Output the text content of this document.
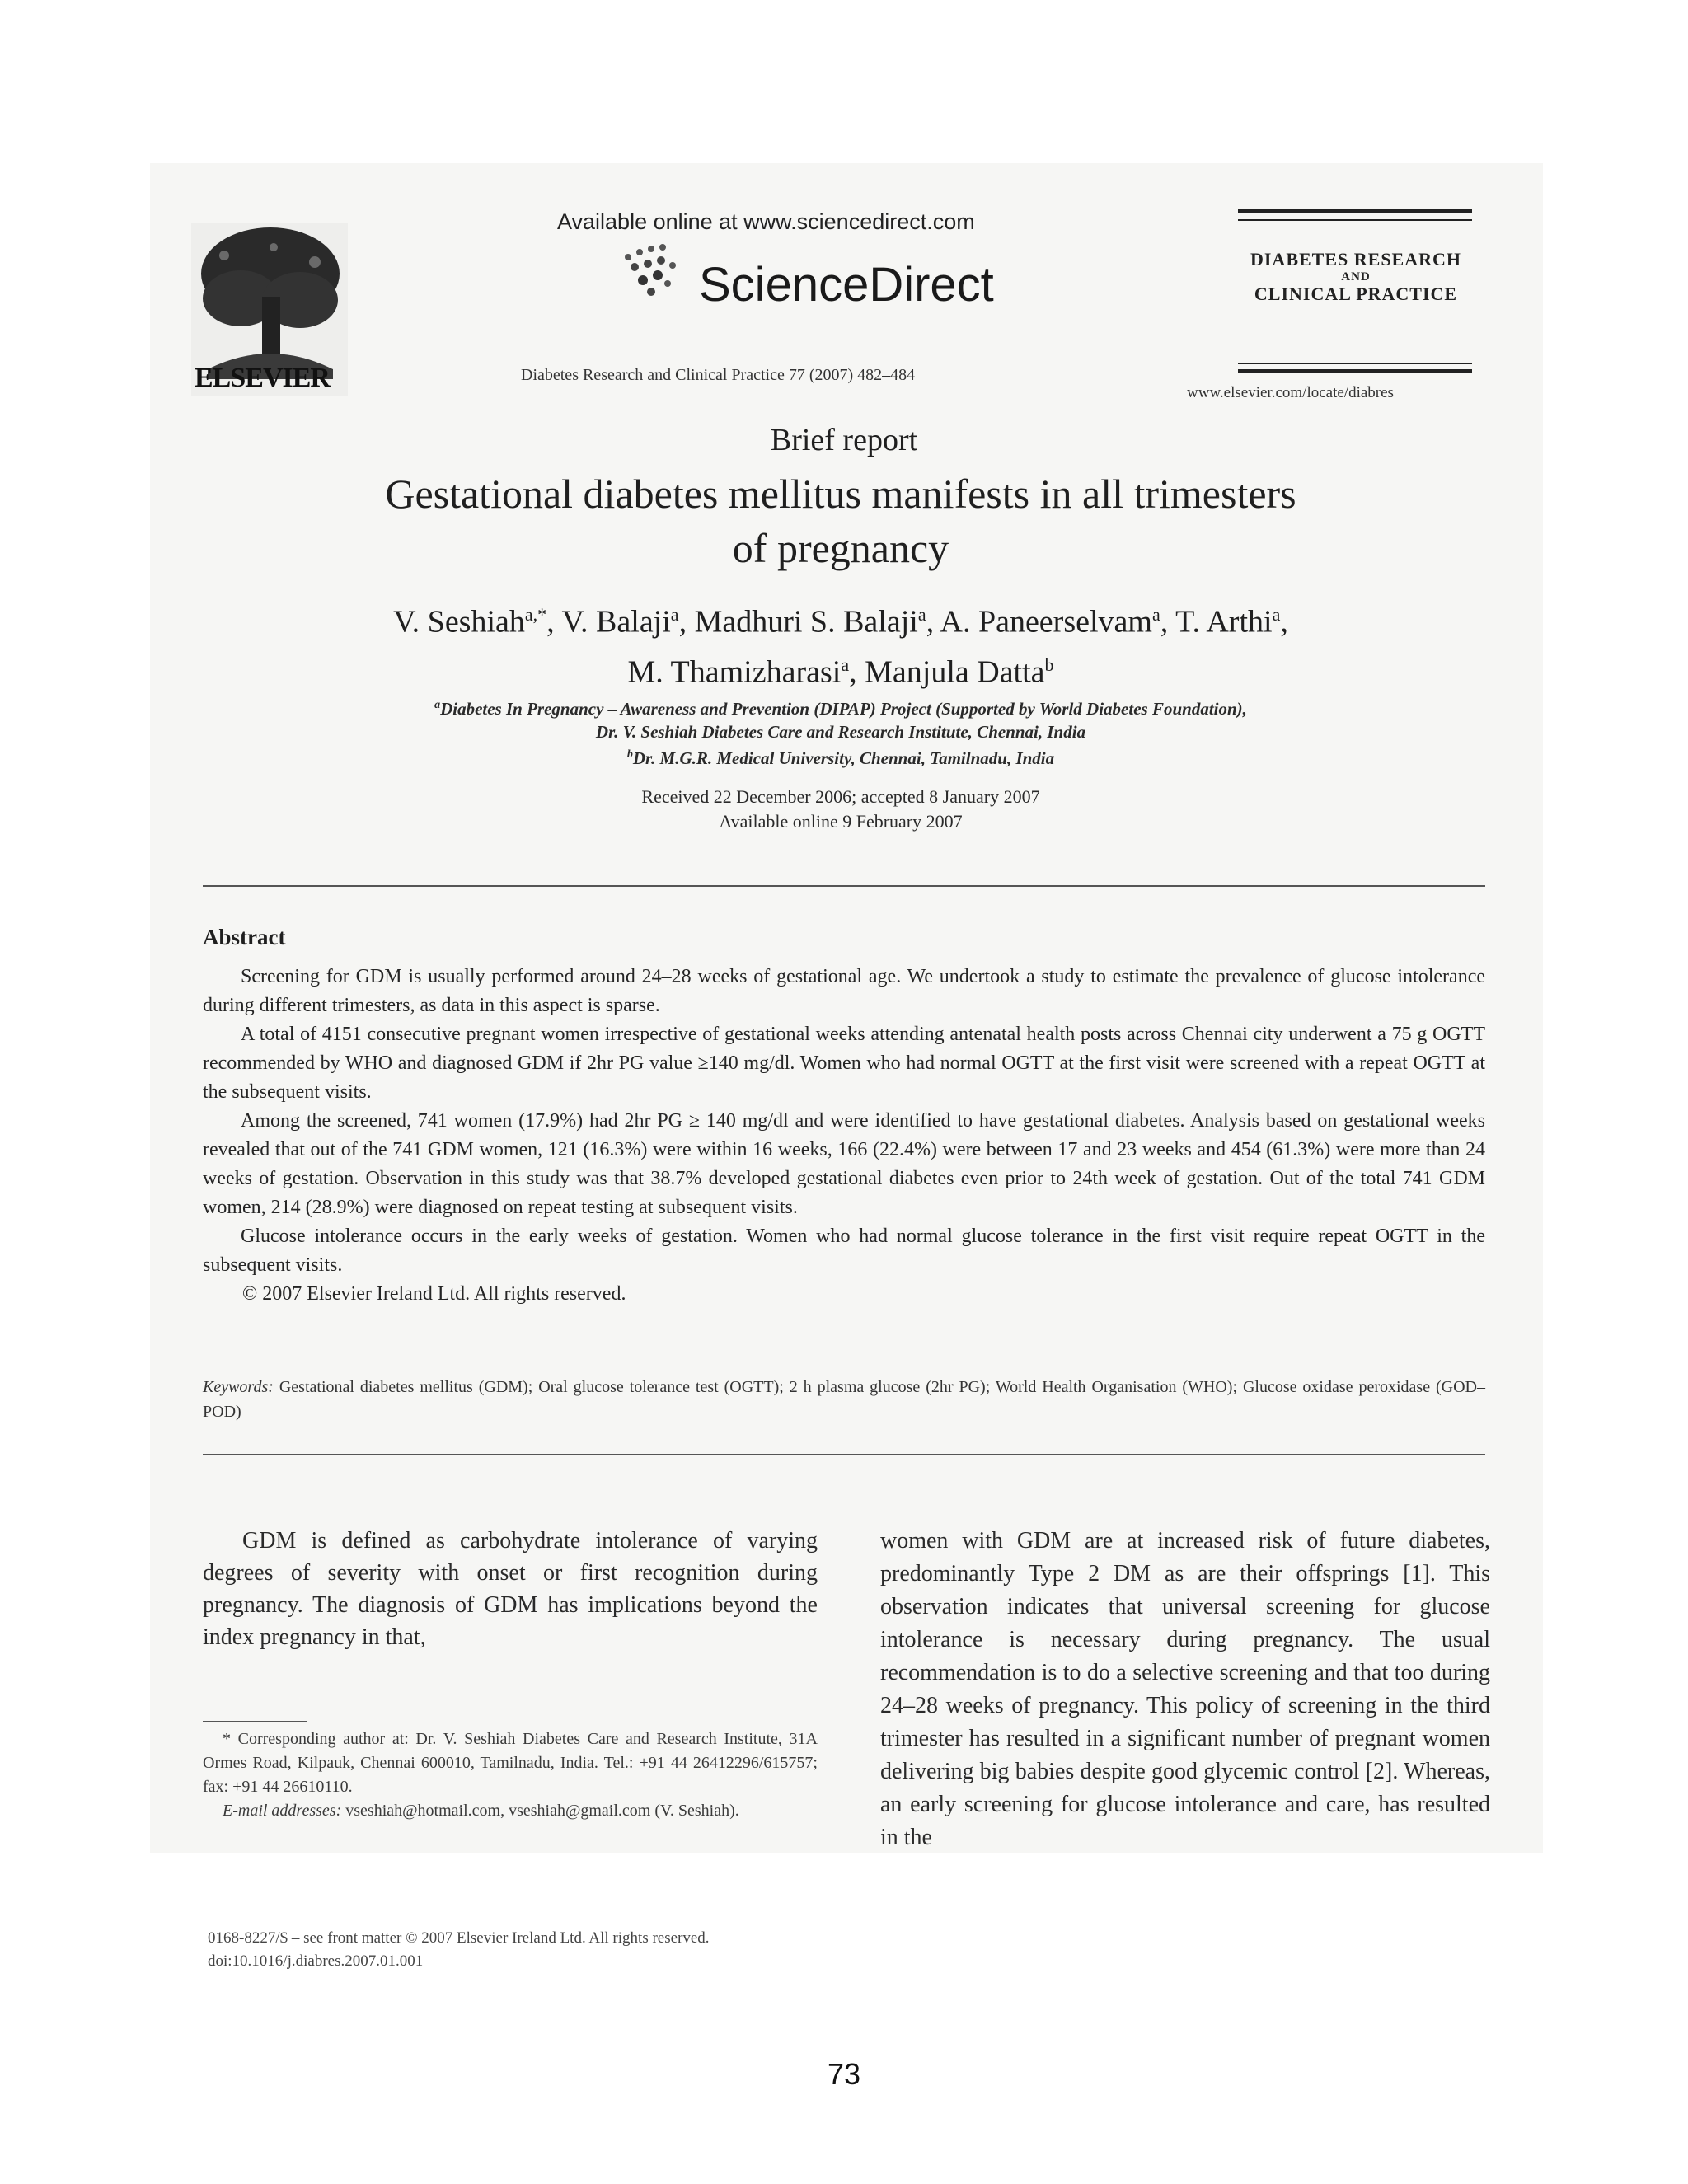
ELSEVIER
Available online at www.sciencedirect.com
ScienceDirect
Diabetes Research and Clinical Practice 77 (2007) 482–484
DIABETES RESEARCH
AND
CLINICAL PRACTICE
www.elsevier.com/locate/diabres
Brief report
Gestational diabetes mellitus manifests in all trimesters
of pregnancy
V. Seshiah$^{a,*}$, V. Balaji$^a$, Madhuri S. Balaji$^a$, A. Paneerselvam$^a$, T. Arthi$^a$,
M. Thamizharasi$^a$, Manjula Datta$^b$
$^a$Diabetes In Pregnancy – Awareness and Prevention (DIPAP) Project (Supported by World Diabetes Foundation),
Dr. V. Seshiah Diabetes Care and Research Institute, Chennai, India
$^b$Dr. M.G.R. Medical University, Chennai, Tamilnadu, India
Received 22 December 2006; accepted 8 January 2007
Available online 9 February 2007
Abstract

Screening for GDM is usually performed around 24–28 weeks of gestational age. We undertook a study to estimate the prevalence of glucose intolerance during different trimesters, as data in this aspect is sparse.

A total of 4151 consecutive pregnant women irrespective of gestational weeks attending antenatal health posts across Chennai city underwent a 75 g OGTT recommended by WHO and diagnosed GDM if 2hr PG value ≥140 mg/dl. Women who had normal OGTT at the first visit were screened with a repeat OGTT at the subsequent visits.

Among the screened, 741 women (17.9%) had 2hr PG ≥ 140 mg/dl and were identified to have gestational diabetes. Analysis based on gestational weeks revealed that out of the 741 GDM women, 121 (16.3%) were within 16 weeks, 166 (22.4%) were between 17 and 23 weeks and 454 (61.3%) were more than 24 weeks of gestation. Observation in this study was that 38.7% developed gestational diabetes even prior to 24th week of gestation. Out of the total 741 GDM women, 214 (28.9%) were diagnosed on repeat testing at subsequent visits.

Glucose intolerance occurs in the early weeks of gestation. Women who had normal glucose tolerance in the first visit require repeat OGTT in the subsequent visits.

© 2007 Elsevier Ireland Ltd. All rights reserved.

Keywords: Gestational diabetes mellitus (GDM); Oral glucose tolerance test (OGTT); 2 h plasma glucose (2hr PG); World Health Organisation (WHO); Glucose oxidase peroxidase (GOD–POD)

GDM is defined as carbohydrate intolerance of varying degrees of severity with onset or first recognition during pregnancy. The diagnosis of GDM has implications beyond the index pregnancy in that,

* Corresponding author at: Dr. V. Seshiah Diabetes Care and Research Institute, 31A Ormes Road, Kilpauk, Chennai 600010, Tamilnadu, India. Tel.: +91 44 26412296/615757; fax: +91 44 26610110.

E-mail addresses: vseshiah@hotmail.com, vseshiah@gmail.com (V. Seshiah).

women with GDM are at increased risk of future diabetes, predominantly Type 2 DM as are their offsprings [1]. This observation indicates that universal screening for glucose intolerance is necessary during pregnancy. The usual recommendation is to do a selective screening and that too during 24–28 weeks of pregnancy. This policy of screening in the third trimester has resulted in a significant number of pregnant women delivering big babies despite good glycemic control [2]. Whereas, an early screening for glucose intolerance and care, has resulted in the

0168-8227/$ – see front matter © 2007 Elsevier Ireland Ltd. All rights reserved.
doi:10.1016/j.diabres.2007.01.001
73
